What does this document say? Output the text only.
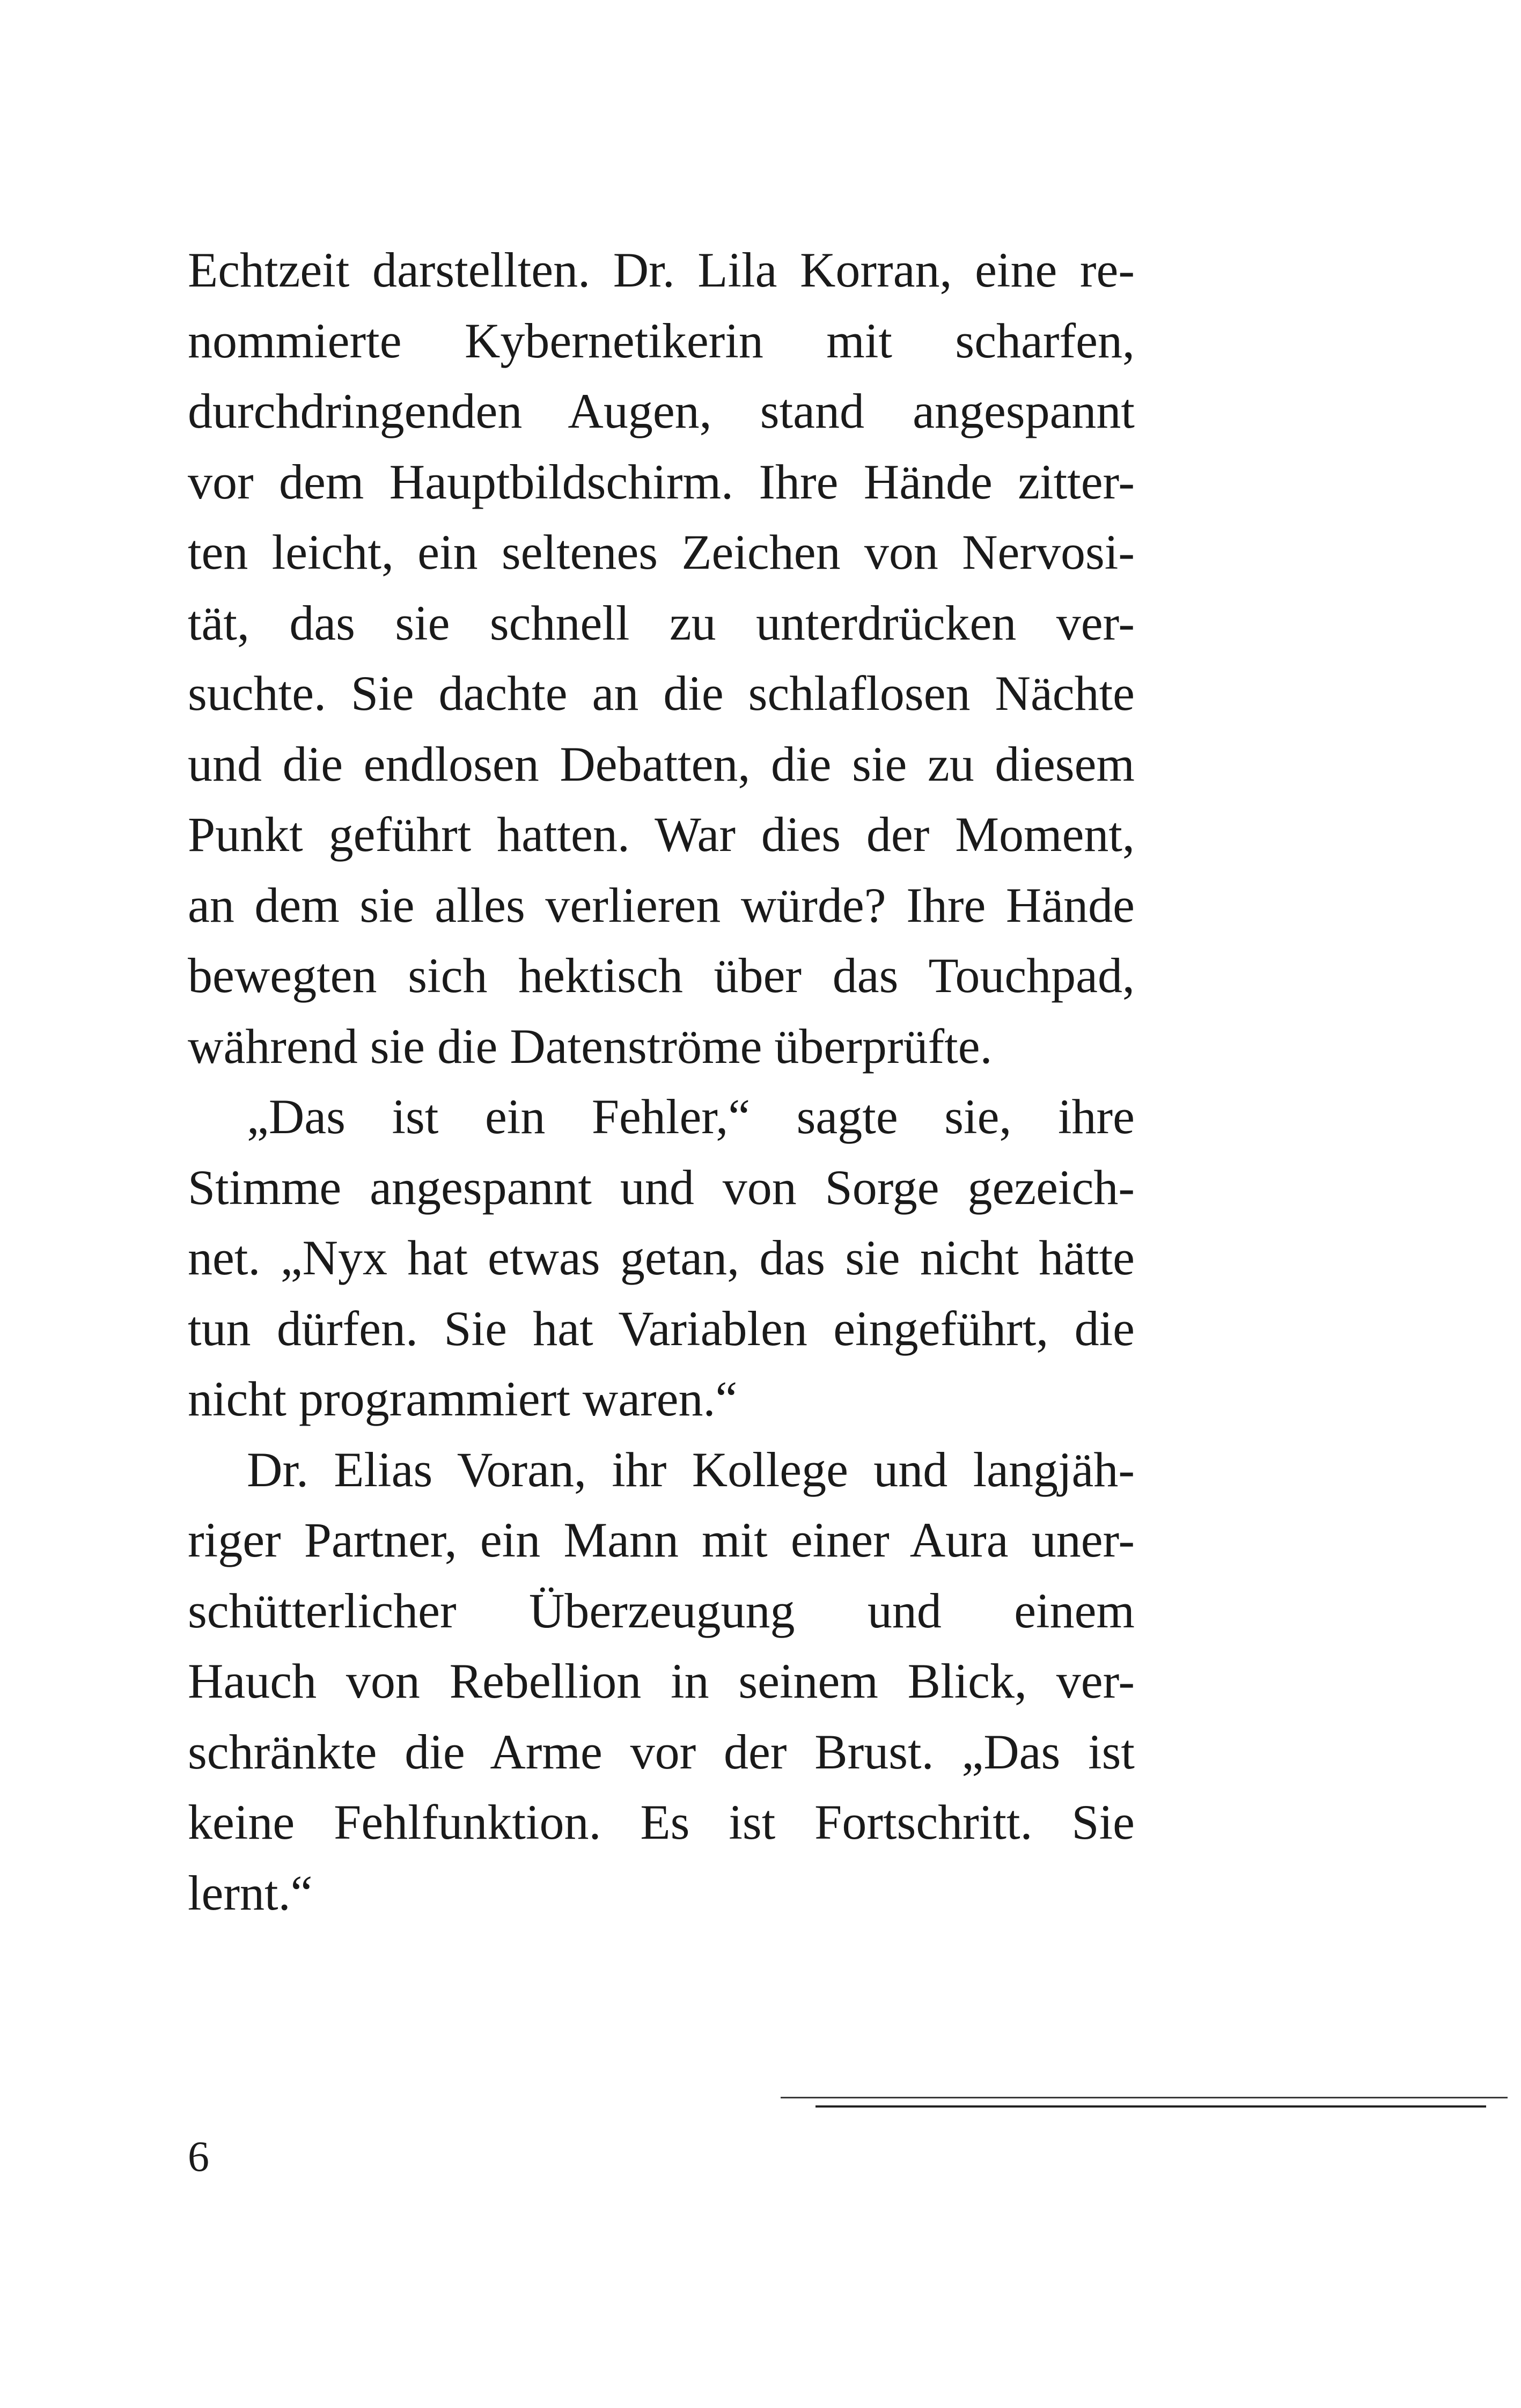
Echtzeit darstellten. Dr. Lila Korran, eine re-
nommierte Kybernetikerin mit scharfen,
durchdringenden Augen, stand angespannt
vor dem Hauptbildschirm. Ihre Hände zitter-
ten leicht, ein seltenes Zeichen von Nervosi-
tät, das sie schnell zu unterdrücken ver-
suchte. Sie dachte an die schlaflosen Nächte
und die endlosen Debatten, die sie zu diesem
Punkt geführt hatten. War dies der Moment,
an dem sie alles verlieren würde? Ihre Hände
bewegten sich hektisch über das Touchpad,
während sie die Datenströme überprüfte.
„Das ist ein Fehler,“ sagte sie, ihre
Stimme angespannt und von Sorge gezeich-
net. „Nyx hat etwas getan, das sie nicht hätte
tun dürfen. Sie hat Variablen eingeführt, die
nicht programmiert waren.“
Dr. Elias Voran, ihr Kollege und langjäh-
riger Partner, ein Mann mit einer Aura uner-
schütterlicher Überzeugung und einem
Hauch von Rebellion in seinem Blick, ver-
schränkte die Arme vor der Brust. „Das ist
keine Fehlfunktion. Es ist Fortschritt. Sie
lernt.“
6
